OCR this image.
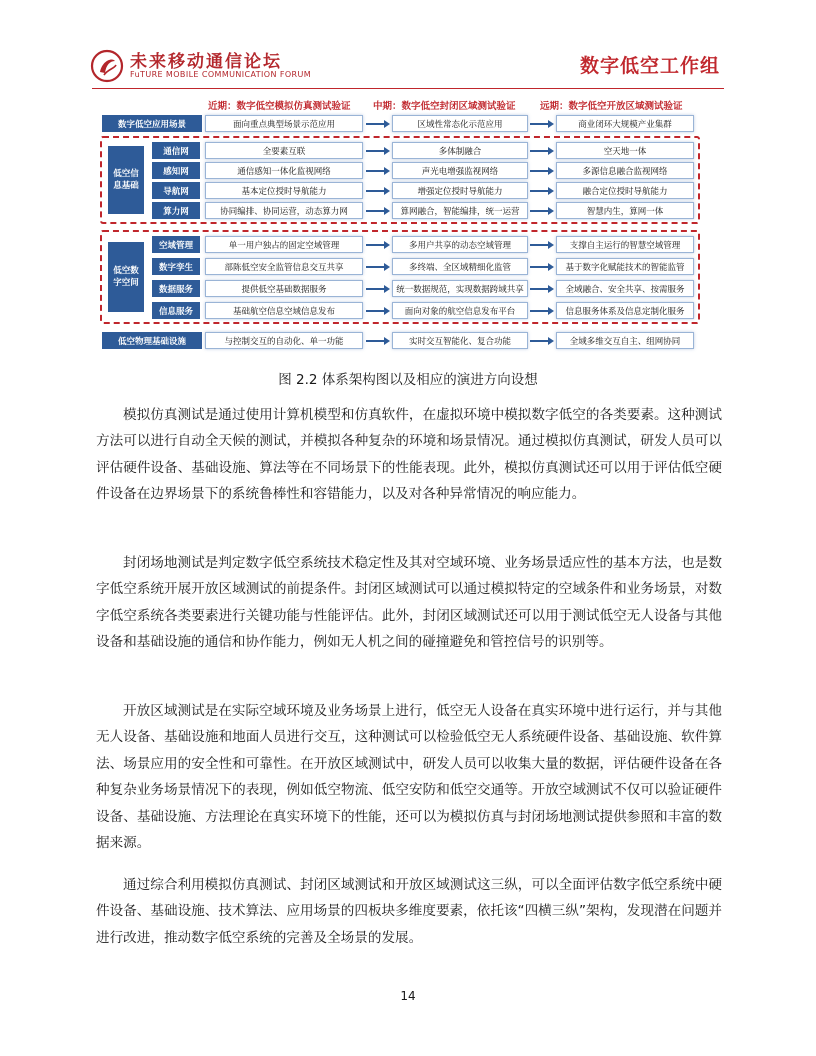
未来移动通信论坛
FuTURE MOBILE COMMUNICATION FORUM	数字低空工作组
近期：数字低空模拟仿真测试验证 中期：数字低空封闭区域测试验证	远期：数字低空开放区域测试验证
数字低空应用场景	面向重点典型场景示范应用	区域性常态化示范应用	商业闭环大规模产业集群
低空信息基础
通信网	全要素互联	多体制融合	空天地一体
感知网	通信感知一体化监视网络	声光电增强监视网络	多源信息融合监视网络
导航网	基本定位授时导航能力	增强定位授时导航能力	融合定位授时导航能力
算力网	协同编排、协同运营，动态算力网	算网融合，智能编排，统一运营	智慧内生，算网一体
低空数字空间
空域管理	单一用户独占的固定空域管理	多用户共享的动态空域管理	支撑自主运行的智慧空域管理
数字孪生	部陈低空安全监管信息交互共享	多终端、全区域精细化监管	基于数字化赋能技术的智能监管
数据服务	提供低空基础数据服务	统一数据规范，实现数据跨域共享	全域融合、安全共享、按需服务
信息服务	基础航空信息空域信息发布	面向对象的航空信息发布平台	信息服务体系及信息定制化服务
低空物理基础设施	与控制交互的自动化、单一功能	实时交互智能化、复合功能	全域多维交互自主、组网协同
图 2.2 体系架构图以及相应的演进方向设想

模拟仿真测试是通过使用计算机模型和仿真软件，在虚拟环境中模拟数字低空的各类要素。这种测试方法可以进行自动全天候的测试，并模拟各种复杂的环境和场景情况。通过模拟仿真测试，研发人员可以评估硬件设备、基础设施、算法等在不同场景下的性能表现。此外，模拟仿真测试还可以用于评估低空硬件设备在边界场景下的系统鲁棒性和容错能力，以及对各种异常情况的响应能力。

封闭场地测试是判定数字低空系统技术稳定性及其对空域环境、业务场景适应性的基本方法，也是数字低空系统开展开放区域测试的前提条件。封闭区域测试可以通过模拟特定的空域条件和业务场景，对数字低空系统各类要素进行关键功能与性能评估。此外，封闭区域测试还可以用于测试低空无人设备与其他设备和基础设施的通信和协作能力，例如无人机之间的碰撞避免和管控信号的识别等。

开放区域测试是在实际空域环境及业务场景上进行，低空无人设备在真实环境中进行运行，并与其他无人设备、基础设施和地面人员进行交互，这种测试可以检验低空无人系统硬件设备、基础设施、软件算法、场景应用的安全性和可靠性。在开放区域测试中，研发人员可以收集大量的数据，评估硬件设备在各种复杂业务场景情况下的表现，例如低空物流、低空安防和低空交通等。开放空域测试不仅可以验证硬件设备、基础设施、方法理论在真实环境下的性能，还可以为模拟仿真与封闭场地测试提供参照和丰富的数据来源。

通过综合利用模拟仿真测试、封闭区域测试和开放区域测试这三纵，可以全面评估数字低空系统中硬件设备、基础设施、技术算法、应用场景的四板块多维度要素，依托该“四横三纵”架构，发现潜在问题并进行改进，推动数字低空系统的完善及全场景的发展。

14
